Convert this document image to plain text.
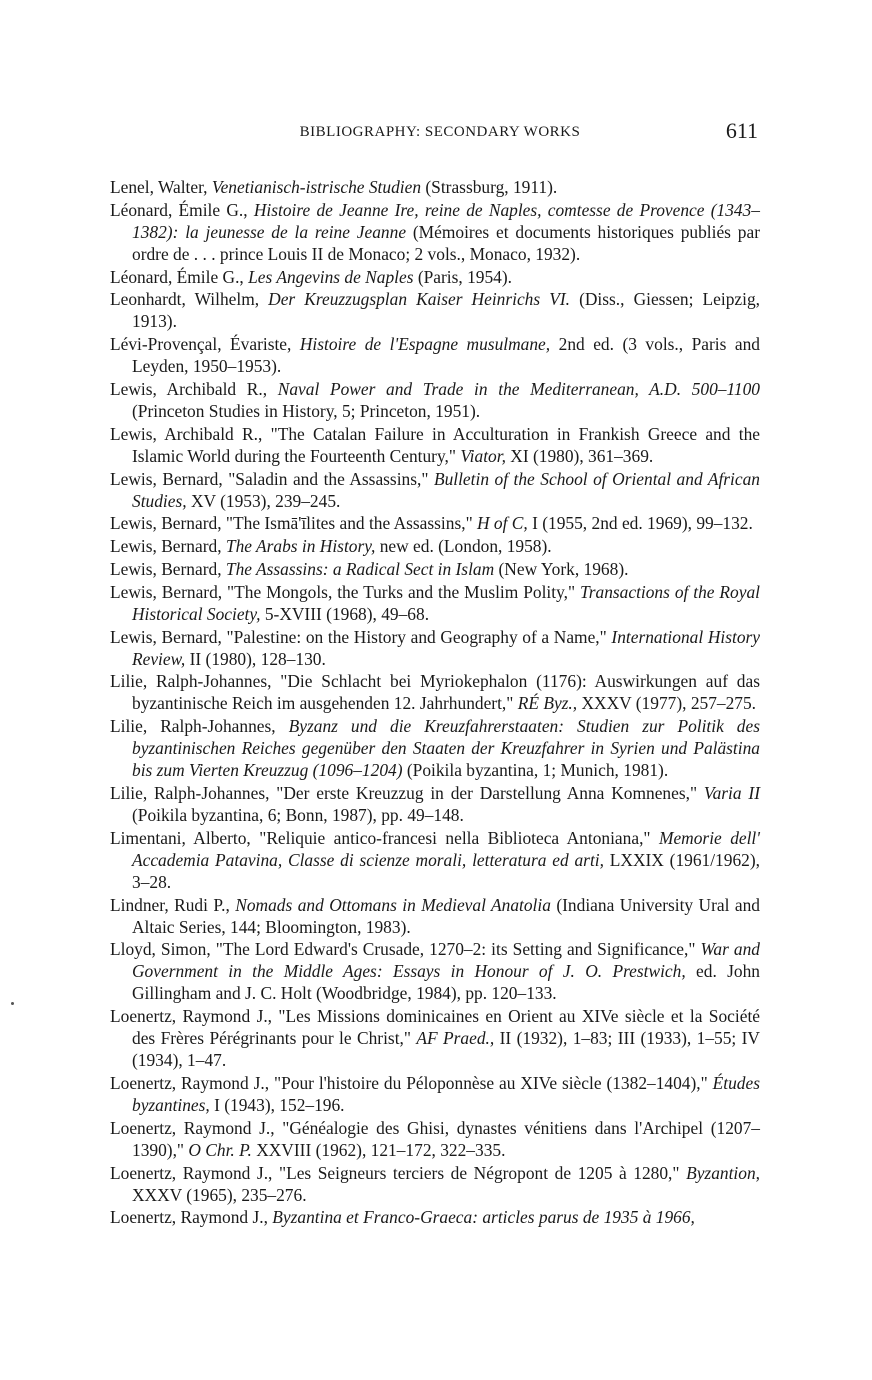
BIBLIOGRAPHY: SECONDARY WORKS	611

Lenel, Walter, Venetianisch-istrische Studien (Strassburg, 1911).

Léonard, Émile G., Histoire de Jeanne Ire, reine de Naples, comtesse de Provence (1343–1382): la jeunesse de la reine Jeanne (Mémoires et documents historiques publiés par ordre de . . . prince Louis II de Monaco; 2 vols., Monaco, 1932).

Léonard, Émile G., Les Angevins de Naples (Paris, 1954).

Leonhardt, Wilhelm, Der Kreuzzugsplan Kaiser Heinrichs VI. (Diss., Giessen; Leipzig, 1913).

Lévi-Provençal, Évariste, Histoire de l'Espagne musulmane, 2nd ed. (3 vols., Paris and Leyden, 1950–1953).

Lewis, Archibald R., Naval Power and Trade in the Mediterranean, A.D. 500–1100 (Princeton Studies in History, 5; Princeton, 1951).

Lewis, Archibald R., "The Catalan Failure in Acculturation in Frankish Greece and the Islamic World during the Fourteenth Century," Viator, XI (1980), 361–369.

Lewis, Bernard, "Saladin and the Assassins," Bulletin of the School of Oriental and African Studies, XV (1953), 239–245.

Lewis, Bernard, "The Ismā'īlites and the Assassins," H of C, I (1955, 2nd ed. 1969), 99–132.

Lewis, Bernard, The Arabs in History, new ed. (London, 1958).

Lewis, Bernard, The Assassins: a Radical Sect in Islam (New York, 1968).

Lewis, Bernard, "The Mongols, the Turks and the Muslim Polity," Transactions of the Royal Historical Society, 5-XVIII (1968), 49–68.

Lewis, Bernard, "Palestine: on the History and Geography of a Name," International History Review, II (1980), 128–130.

Lilie, Ralph-Johannes, "Die Schlacht bei Myriokephalon (1176): Auswirkungen auf das byzantinische Reich im ausgehenden 12. Jahrhundert," RÉ Byz., XXXV (1977), 257–275.

Lilie, Ralph-Johannes, Byzanz und die Kreuzfahrerstaaten: Studien zur Politik des byzantinischen Reiches gegenüber den Staaten der Kreuzfahrer in Syrien und Palästina bis zum Vierten Kreuzzug (1096–1204) (Poikila byzantina, 1; Munich, 1981).

Lilie, Ralph-Johannes, "Der erste Kreuzzug in der Darstellung Anna Komnenes," Varia II (Poikila byzantina, 6; Bonn, 1987), pp. 49–148.

Limentani, Alberto, "Reliquie antico-francesi nella Biblioteca Antoniana," Memorie dell' Accademia Patavina, Classe di scienze morali, letteratura ed arti, LXXIX (1961/1962), 3–28.

Lindner, Rudi P., Nomads and Ottomans in Medieval Anatolia (Indiana University Ural and Altaic Series, 144; Bloomington, 1983).

Lloyd, Simon, "The Lord Edward's Crusade, 1270–2: its Setting and Significance," War and Government in the Middle Ages: Essays in Honour of J. O. Prestwich, ed. John Gillingham and J. C. Holt (Woodbridge, 1984), pp. 120–133.

Loenertz, Raymond J., "Les Missions dominicaines en Orient au XIVe siècle et la Société des Frères Pérégrinants pour le Christ," AF Praed., II (1932), 1–83; III (1933), 1–55; IV (1934), 1–47.

Loenertz, Raymond J., "Pour l'histoire du Péloponnèse au XIVe siècle (1382–1404)," Études byzantines, I (1943), 152–196.

Loenertz, Raymond J., "Généalogie des Ghisi, dynastes vénitiens dans l'Archipel (1207–1390)," O Chr. P. XXVIII (1962), 121–172, 322–335.

Loenertz, Raymond J., "Les Seigneurs terciers de Négropont de 1205 à 1280," Byzantion, XXXV (1965), 235–276.

Loenertz, Raymond J., Byzantina et Franco-Graeca: articles parus de 1935 à 1966,
